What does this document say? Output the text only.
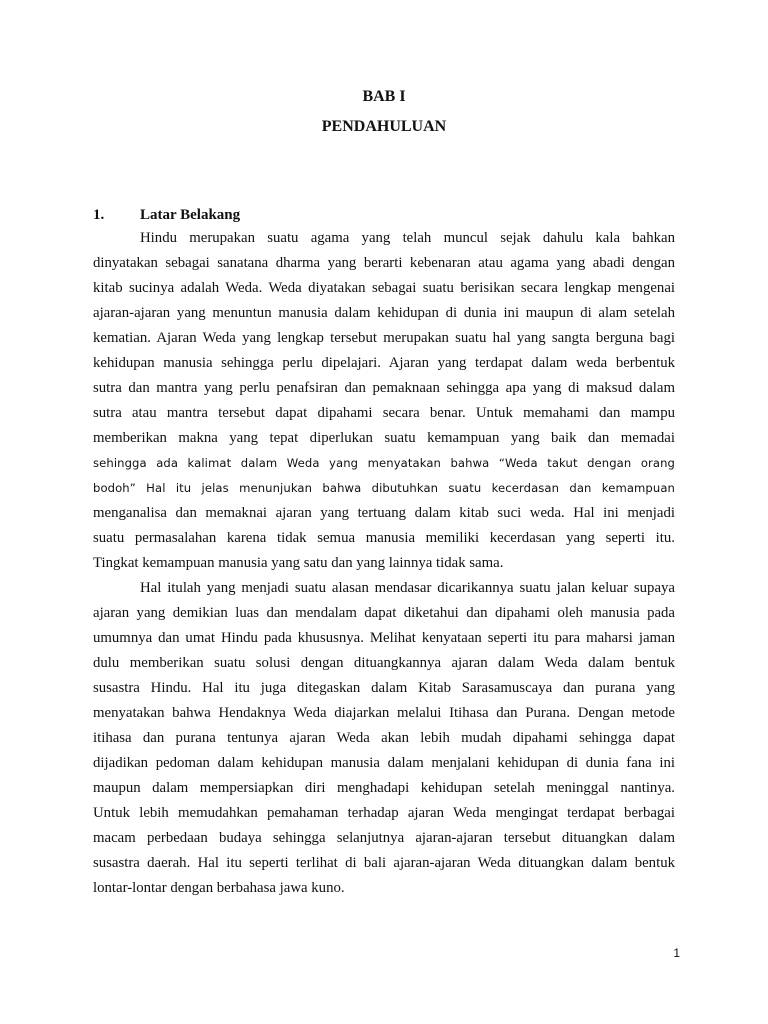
BAB I
PENDAHULUAN
1. Latar Belakang
Hindu merupakan suatu agama yang telah muncul sejak dahulu kala bahkan
dinyatakan sebagai sanatana dharma yang berarti kebenaran atau agama yang abadi dengan
kitab sucinya adalah Weda. Weda diyatakan sebagai suatu berisikan secara lengkap mengenai
ajaran-ajaran yang menuntun manusia dalam kehidupan di dunia ini maupun di alam setelah
kematian. Ajaran Weda yang lengkap tersebut merupakan suatu hal yang sangta berguna bagi
kehidupan manusia sehingga perlu dipelajari. Ajaran yang terdapat dalam weda berbentuk
sutra dan mantra yang perlu penafsiran dan pemaknaan sehingga apa yang di maksud dalam
sutra atau mantra tersebut dapat dipahami secara benar. Untuk memahami dan mampu
memberikan makna yang tepat diperlukan suatu kemampuan yang baik dan memadai
sehingga ada kalimat dalam Weda yang menyatakan bahwa “Weda takut dengan orang
bodoh” Hal itu jelas menunjukan bahwa dibutuhkan suatu kecerdasan dan kemampuan
menganalisa dan memaknai ajaran yang tertuang dalam kitab suci weda. Hal ini menjadi
suatu permasalahan karena tidak semua manusia memiliki kecerdasan yang seperti itu.
Tingkat kemampuan manusia yang satu dan yang lainnya tidak sama.
Hal itulah yang menjadi suatu alasan mendasar dicarikannya suatu jalan keluar supaya
ajaran yang demikian luas dan mendalam dapat diketahui dan dipahami oleh manusia pada
umumnya dan umat Hindu pada khususnya. Melihat kenyataan seperti itu para maharsi jaman
dulu memberikan suatu solusi dengan dituangkannya ajaran dalam Weda dalam bentuk
susastra Hindu. Hal itu juga ditegaskan dalam Kitab Sarasamuscaya dan purana yang
menyatakan bahwa Hendaknya Weda diajarkan melalui Itihasa dan Purana. Dengan metode
itihasa dan purana tentunya ajaran Weda akan lebih mudah dipahami sehingga dapat
dijadikan pedoman dalam kehidupan manusia dalam menjalani kehidupan di dunia fana ini
maupun dalam mempersiapkan diri menghadapi kehidupan setelah meninggal nantinya.
Untuk lebih memudahkan pemahaman terhadap ajaran Weda mengingat terdapat berbagai
macam perbedaan budaya sehingga selanjutnya ajaran-ajaran tersebut dituangkan dalam
susastra daerah. Hal itu seperti terlihat di bali ajaran-ajaran Weda dituangkan dalam bentuk
lontar-lontar dengan berbahasa jawa kuno.
1
